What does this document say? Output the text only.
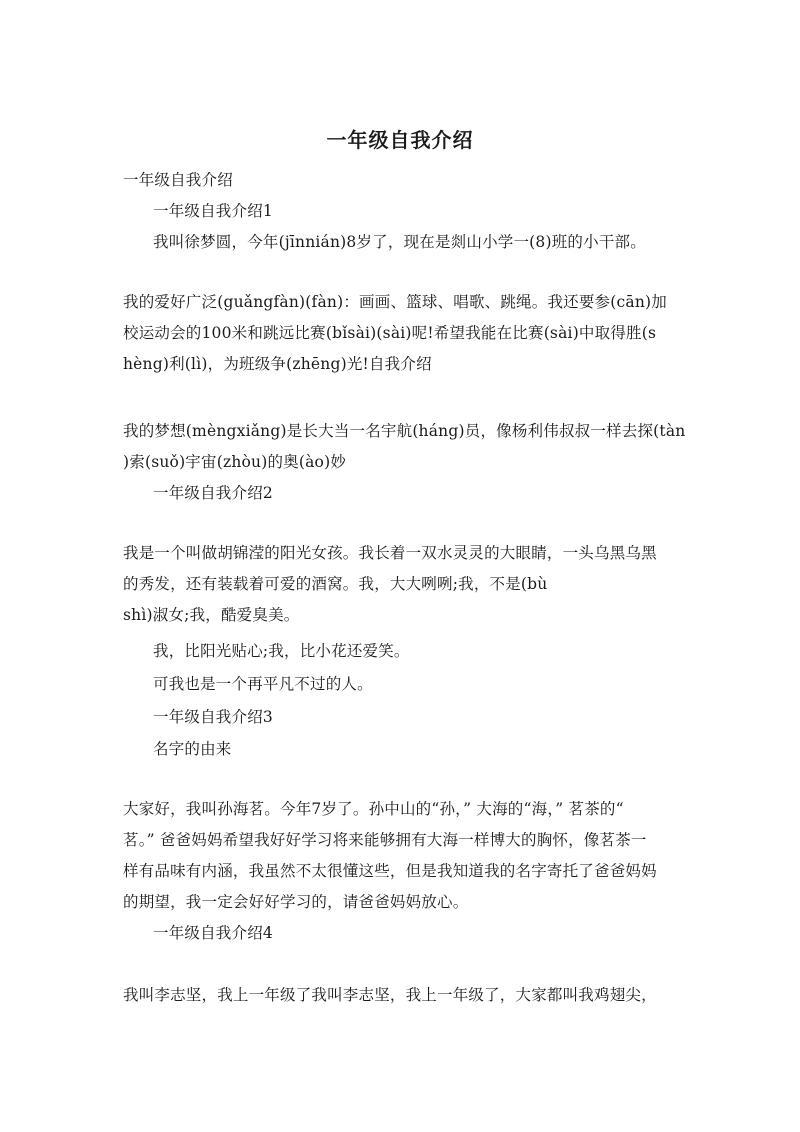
一年级自我介绍
一年级自我介绍
一年级自我介绍1
我叫徐梦圆，今年(jīnnián)8岁了，现在是剡山小学一(8)班的小干部。
我的爱好广泛(guǎngfàn)(fàn)：画画、篮球、唱歌、跳绳。我还要参(cān)加
校运动会的100米和跳远比赛(bǐsài)(sài)呢!希望我能在比赛(sài)中取得胜(s
hèng)利(lì)，为班级争(zhēng)光!自我介绍
我的梦想(mèngxiǎng)是长大当一名宇航(háng)员，像杨利伟叔叔一样去探(tàn
)索(suǒ)宇宙(zhòu)的奥(ào)妙
一年级自我介绍2
我是一个叫做胡锦滢的阳光女孩。我长着一双水灵灵的大眼睛，一头乌黑乌黑
的秀发，还有装载着可爱的酒窝。我，大大咧咧;我，不是(bù
shì)淑女;我，酷爱臭美。
我，比阳光贴心;我，比小花还爱笑。
可我也是一个再平凡不过的人。
一年级自我介绍3
名字的由来
大家好，我叫孙海茗。今年7岁了。孙中山的“孙，” 大海的“海，” 茗茶的“
茗。” 爸爸妈妈希望我好好学习将来能够拥有大海一样博大的胸怀，像茗茶一
样有品味有内涵，我虽然不太很懂这些，但是我知道我的名字寄托了爸爸妈妈
的期望，我一定会好好学习的，请爸爸妈妈放心。
一年级自我介绍4
我叫李志坚，我上一年级了我叫李志坚，我上一年级了，大家都叫我鸡翅尖，
